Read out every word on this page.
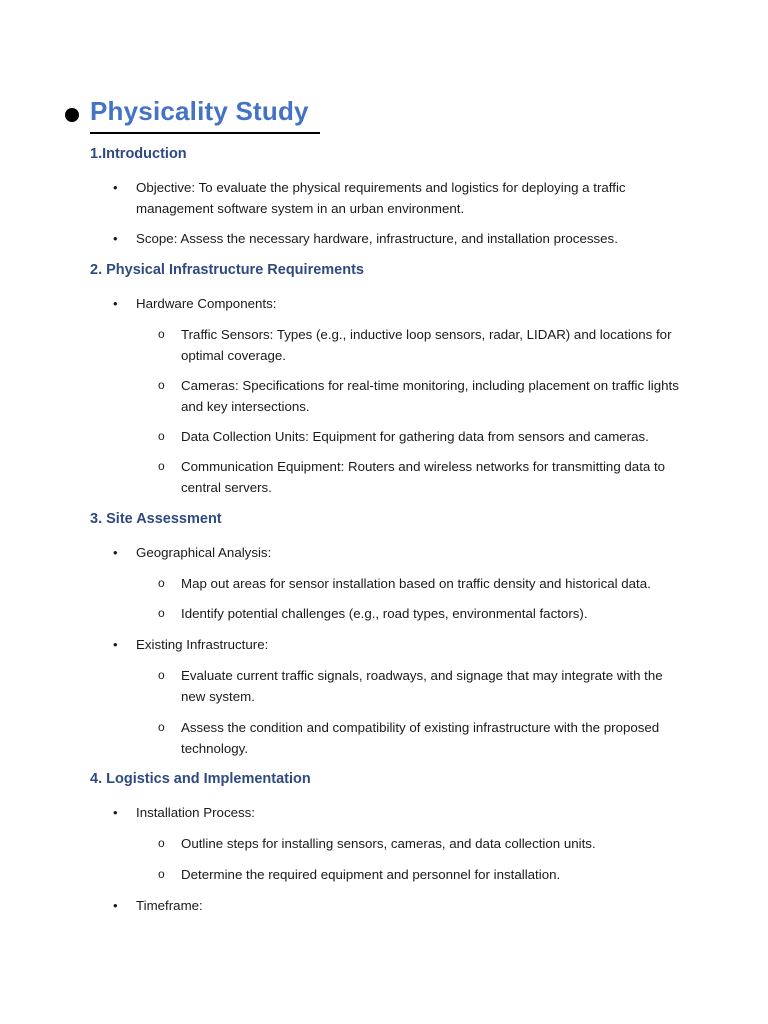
Physicality Study
1.Introduction
• Objective: To evaluate the physical requirements and logistics for deploying a traffic management software system in an urban environment.
• Scope: Assess the necessary hardware, infrastructure, and installation processes.
2. Physical Infrastructure Requirements
• Hardware Components:
o Traffic Sensors: Types (e.g., inductive loop sensors, radar, LIDAR) and locations for optimal coverage.
o Cameras: Specifications for real-time monitoring, including placement on traffic lights and key intersections.
o Data Collection Units: Equipment for gathering data from sensors and cameras.
o Communication Equipment: Routers and wireless networks for transmitting data to central servers.
3. Site Assessment
• Geographical Analysis:
o Map out areas for sensor installation based on traffic density and historical data.
o Identify potential challenges (e.g., road types, environmental factors).
• Existing Infrastructure:
o Evaluate current traffic signals, roadways, and signage that may integrate with the new system.
o Assess the condition and compatibility of existing infrastructure with the proposed technology.
4. Logistics and Implementation
• Installation Process:
o Outline steps for installing sensors, cameras, and data collection units.
o Determine the required equipment and personnel for installation.
• Timeframe:
